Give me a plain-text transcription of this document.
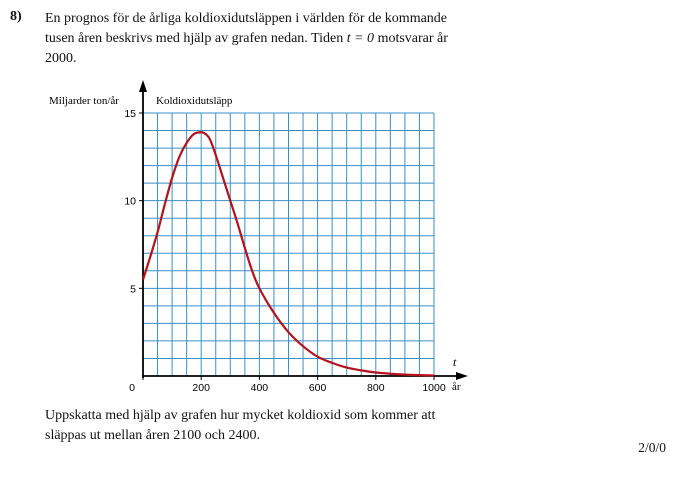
8) En prognos för de årliga koldioxidutsläppen i världen för de kommande
tusen åren beskrivs med hjälp av grafen nedan. Tiden t = 0 motsvarar år
2000.
0	200	400	600	800	1000
5
10
15
Miljarder ton/år	Koldioxidutsläpp
t
år
Uppskatta med hjälp av grafen hur mycket koldioxid som kommer att
släppas ut mellan åren 2100 och 2400.
2/0/0
